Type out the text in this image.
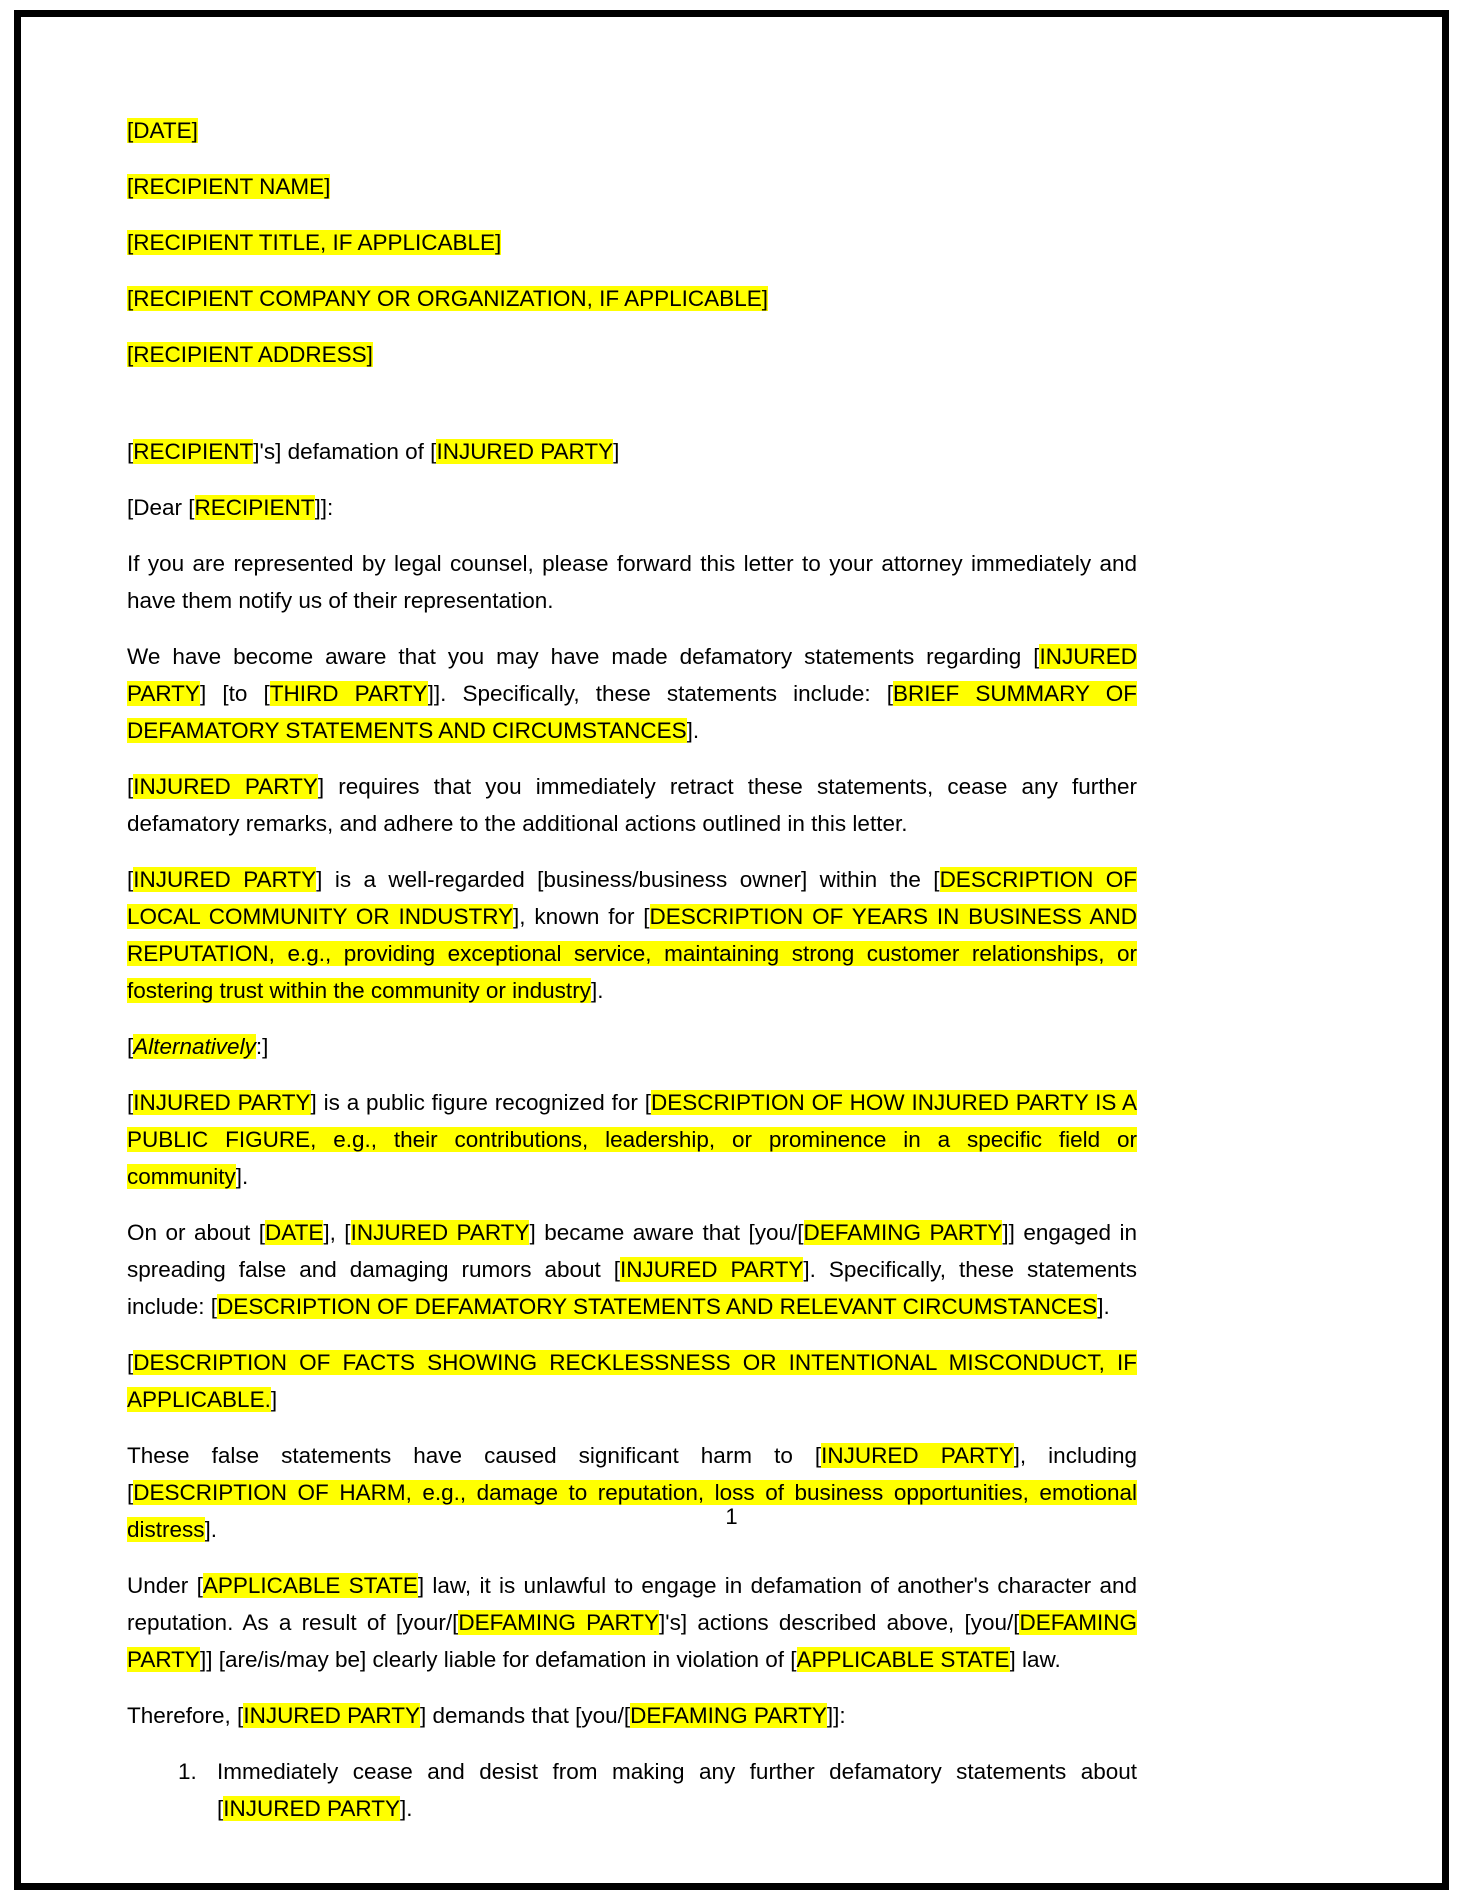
[DATE]

[RECIPIENT NAME]

[RECIPIENT TITLE, IF APPLICABLE]

[RECIPIENT COMPANY OR ORGANIZATION, IF APPLICABLE]

[RECIPIENT ADDRESS]

[RECIPIENT]'s] defamation of [INJURED PARTY]

[Dear [RECIPIENT]]:

If you are represented by legal counsel, please forward this letter to your attorney immediately and have them notify us of their representation.

We have become aware that you may have made defamatory statements regarding [INJURED PARTY] [to [THIRD PARTY]]. Specifically, these statements include: [BRIEF SUMMARY OF DEFAMATORY STATEMENTS AND CIRCUMSTANCES].

[INJURED PARTY] requires that you immediately retract these statements, cease any further defamatory remarks, and adhere to the additional actions outlined in this letter.

[INJURED PARTY] is a well-regarded [business/business owner] within the [DESCRIPTION OF LOCAL COMMUNITY OR INDUSTRY], known for [DESCRIPTION OF YEARS IN BUSINESS AND REPUTATION, e.g., providing exceptional service, maintaining strong customer relationships, or fostering trust within the community or industry].

[Alternatively:]

[INJURED PARTY] is a public figure recognized for [DESCRIPTION OF HOW INJURED PARTY IS A PUBLIC FIGURE, e.g., their contributions, leadership, or prominence in a specific field or community].

On or about [DATE], [INJURED PARTY] became aware that [you/[DEFAMING PARTY]] engaged in spreading false and damaging rumors about [INJURED PARTY]. Specifically, these statements include: [DESCRIPTION OF DEFAMATORY STATEMENTS AND RELEVANT CIRCUMSTANCES].

[DESCRIPTION OF FACTS SHOWING RECKLESSNESS OR INTENTIONAL MISCONDUCT, IF APPLICABLE.]

These false statements have caused significant harm to [INJURED PARTY], including [DESCRIPTION OF HARM, e.g., damage to reputation, loss of business opportunities, emotional distress].

Under [APPLICABLE STATE] law, it is unlawful to engage in defamation of another's character and reputation. As a result of [your/[DEFAMING PARTY]'s] actions described above, [you/[DEFAMING PARTY]] [are/is/may be] clearly liable for defamation in violation of [APPLICABLE STATE] law.

Therefore, [INJURED PARTY] demands that [you/[DEFAMING PARTY]]:

1. Immediately cease and desist from making any further defamatory statements about [INJURED PARTY].
1
